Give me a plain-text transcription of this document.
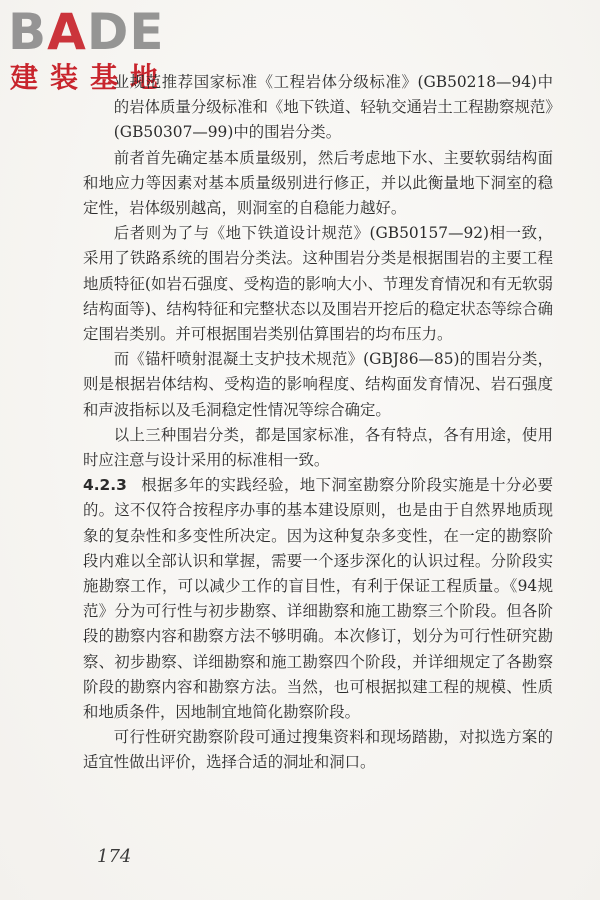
BADE
建装基地

业规范推荐国家标准《工程岩体分级标准》(GB50218—94)中的岩体质量分级标准和《地下铁道、轻轨交通岩土工程勘察规范》(GB50307—99)中的围岩分类。

前者首先确定基本质量级别，然后考虑地下水、主要软弱结构面和地应力等因素对基本质量级别进行修正，并以此衡量地下洞室的稳定性，岩体级别越高，则洞室的自稳能力越好。

后者则为了与《地下铁道设计规范》(GB50157—92)相一致，采用了铁路系统的围岩分类法。这种围岩分类是根据围岩的主要工程地质特征(如岩石强度、受构造的影响大小、节理发育情况和有无软弱结构面等)、结构特征和完整状态以及围岩开挖后的稳定状态等综合确定围岩类别。并可根据围岩类别估算围岩的均布压力。

而《锚杆喷射混凝土支护技术规范》(GBJ86—85)的围岩分类，则是根据岩体结构、受构造的影响程度、结构面发育情况、岩石强度和声波指标以及毛洞稳定性情况等综合确定。

以上三种围岩分类，都是国家标准，各有特点，各有用途，使用时应注意与设计采用的标准相一致。

4.2.3 根据多年的实践经验，地下洞室勘察分阶段实施是十分必要的。这不仅符合按程序办事的基本建设原则，也是由于自然界地质现象的复杂性和多变性所决定。因为这种复杂多变性，在一定的勘察阶段内难以全部认识和掌握，需要一个逐步深化的认识过程。分阶段实施勘察工作，可以减少工作的盲目性，有利于保证工程质量。《94规范》分为可行性与初步勘察、详细勘察和施工勘察三个阶段。但各阶段的勘察内容和勘察方法不够明确。本次修订，划分为可行性研究勘察、初步勘察、详细勘察和施工勘察四个阶段，并详细规定了各勘察阶段的勘察内容和勘察方法。当然，也可根据拟建工程的规模、性质和地质条件，因地制宜地简化勘察阶段。

可行性研究勘察阶段可通过搜集资料和现场踏勘，对拟选方案的适宜性做出评价，选择合适的洞址和洞口。

174
